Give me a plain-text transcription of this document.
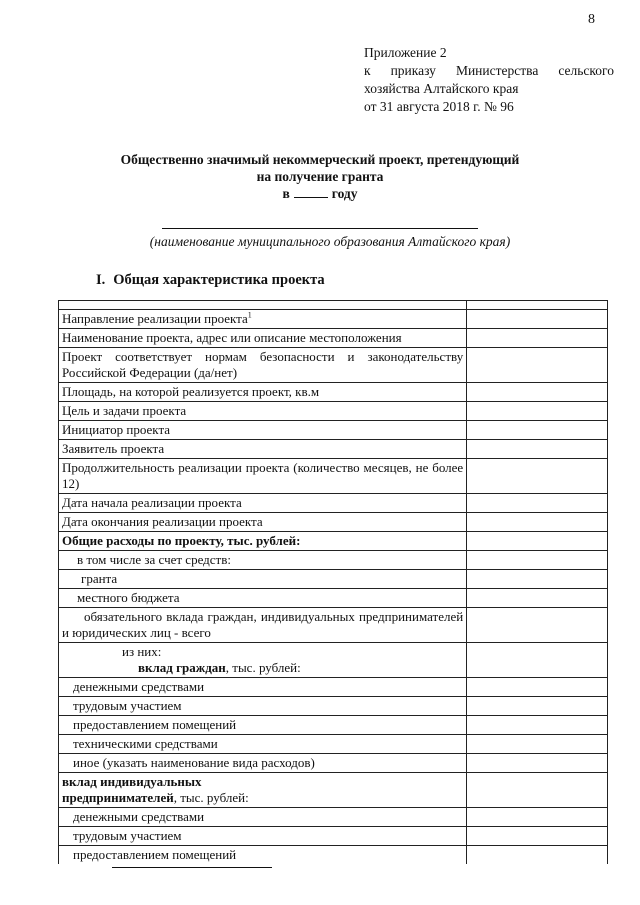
8
Приложение 2
к приказу Министерства сельского
хозяйства Алтайского края
от 31 августа 2018 г. № 96
Общественно значимый некоммерческий проект, претендующий
на получение гранта
в	году
(наименование муниципального образования Алтайского края)
I. Общая характеристика проекта

Направление реализации проекта$^1$	
Наименование проекта, адрес или описание местоположения	
Проект соответствует нормам безопасности и законодательству Российской Федерации (да/нет)	
Площадь, на которой реализуется проект, кв.м	
Цель и задачи проекта	
Инициатор проекта	
Заявитель проекта	
Продолжительность реализации проекта (количество месяцев, не более 12)	
Дата начала реализации проекта	
Дата окончания реализации проекта	
Общие расходы по проекту, тыс. рублей:	
в том числе за счет средств:	
гранта	
местного бюджета	
обязательного вклада граждан, индивидуальных предпринимателей и юридических лиц - всего	

из них:
вклад граждан, тыс. рублей:	

денежными средствами	
трудовым участием	
предоставлением помещений	
техническими средствами	
иное (указать наименование вида расходов)	

вклад индивидуальных
предпринимателей, тыс. рублей:	

денежными средствами	
трудовым участием	
предоставлением помещений	
